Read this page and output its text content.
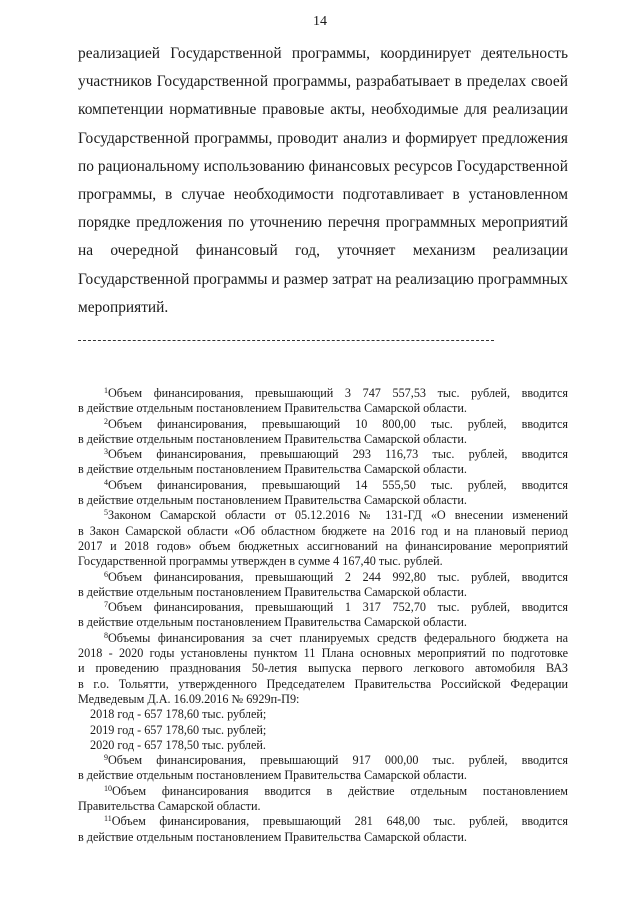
14
реализацией Государственной программы, координирует деятельность
участников Государственной программы, разрабатывает в пределах своей
компетенции нормативные правовые акты, необходимые для реализации
Государственной программы, проводит анализ и формирует предложения
по рациональному использованию финансовых ресурсов Государственной
программы, в случае необходимости подготавливает в установленном
порядке предложения по уточнению перечня программных мероприятий
на очередной финансовый год, уточняет механизм реализации
Государственной программы и размер затрат на реализацию программных
мероприятий.
$^1$Объем финансирования, превышающий 3 747 557,53 тыс. рублей, вводится
в действие отдельным постановлением Правительства Самарской области.
$^2$Объем финансирования, превышающий 10 800,00 тыс. рублей, вводится
в действие отдельным постановлением Правительства Самарской области.
$^3$Объем финансирования, превышающий 293 116,73 тыс. рублей, вводится
в действие отдельным постановлением Правительства Самарской области.
$^4$Объем финансирования, превышающий 14 555,50 тыс. рублей, вводится
в действие отдельным постановлением Правительства Самарской области.
$^5$Законом Самарской области от 05.12.2016 № 131-ГД «О внесении изменений
в Закон Самарской области «Об областном бюджете на 2016 год и на плановый период
2017 и 2018 годов» объем бюджетных ассигнований на финансирование мероприятий
Государственной программы утвержден в сумме 4 167,40 тыс. рублей.
$^6$Объем финансирования, превышающий 2 244 992,80 тыс. рублей, вводится
в действие отдельным постановлением Правительства Самарской области.
$^7$Объем финансирования, превышающий 1 317 752,70 тыс. рублей, вводится
в действие отдельным постановлением Правительства Самарской области.
$^8$Объемы финансирования за счет планируемых средств федерального бюджета на
2018 - 2020 годы установлены пунктом 11 Плана основных мероприятий по подготовке
и проведению празднования 50-летия выпуска первого легкового автомобиля ВАЗ
в г.о. Тольятти, утвержденного Председателем Правительства Российской Федерации
Медведевым Д.А. 16.09.2016 № 6929п-П9:
2018 год - 657 178,60 тыс. рублей;
2019 год - 657 178,60 тыс. рублей;
2020 год - 657 178,50 тыс. рублей.
$^9$Объем финансирования, превышающий 917 000,00 тыс. рублей, вводится
в действие отдельным постановлением Правительства Самарской области.
$^{10}$Объем финансирования вводится в действие отдельным постановлением
Правительства Самарской области.
$^{11}$Объем финансирования, превышающий 281 648,00 тыс. рублей, вводится
в действие отдельным постановлением Правительства Самарской области.
